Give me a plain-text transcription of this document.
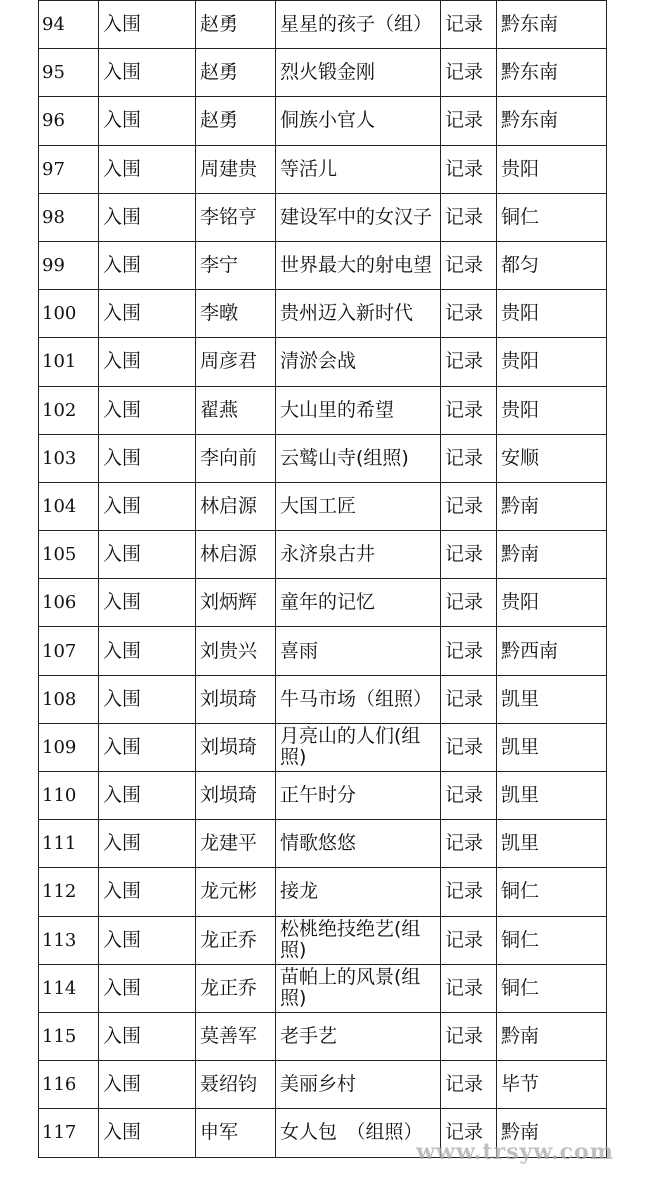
94	入围	赵勇	星星的孩子（组）	记录	黔东南
95	入围	赵勇	烈火锻金刚	记录	黔东南
96	入围	赵勇	侗族小官人	记录	黔东南
97	入围	周建贵	等活儿	记录	贵阳
98	入围	李铭亨	建设军中的女汉子	记录	铜仁
99	入围	李宁	世界最大的射电望	记录	都匀
100	入围	李暾	贵州迈入新时代	记录	贵阳
101	入围	周彦君	清淤会战	记录	贵阳
102	入围	翟燕	大山里的希望	记录	贵阳
103	入围	李向前	云鹫山寺(组照)	记录	安顺
104	入围	林启源	大国工匠	记录	黔南
105	入围	林启源	永济泉古井	记录	黔南
106	入围	刘炳辉	童年的记忆	记录	贵阳
107	入围	刘贵兴	喜雨	记录	黔西南
108	入围	刘埙琦	牛马市场（组照）	记录	凯里
109	入围	刘埙琦	月亮山的人们(组照)	记录	凯里
110	入围	刘埙琦	正午时分	记录	凯里
111	入围	龙建平	情歌悠悠	记录	凯里
112	入围	龙元彬	接龙	记录	铜仁
113	入围	龙正乔	松桃绝技绝艺(组照)	记录	铜仁
114	入围	龙正乔	苗帕上的风景(组照)	记录	铜仁
115	入围	莫善军	老手艺	记录	黔南
116	入围	聂绍钧	美丽乡村	记录	毕节
117	入围	申军	女人包　（组照）	记录	黔南
www.trsyw.com
